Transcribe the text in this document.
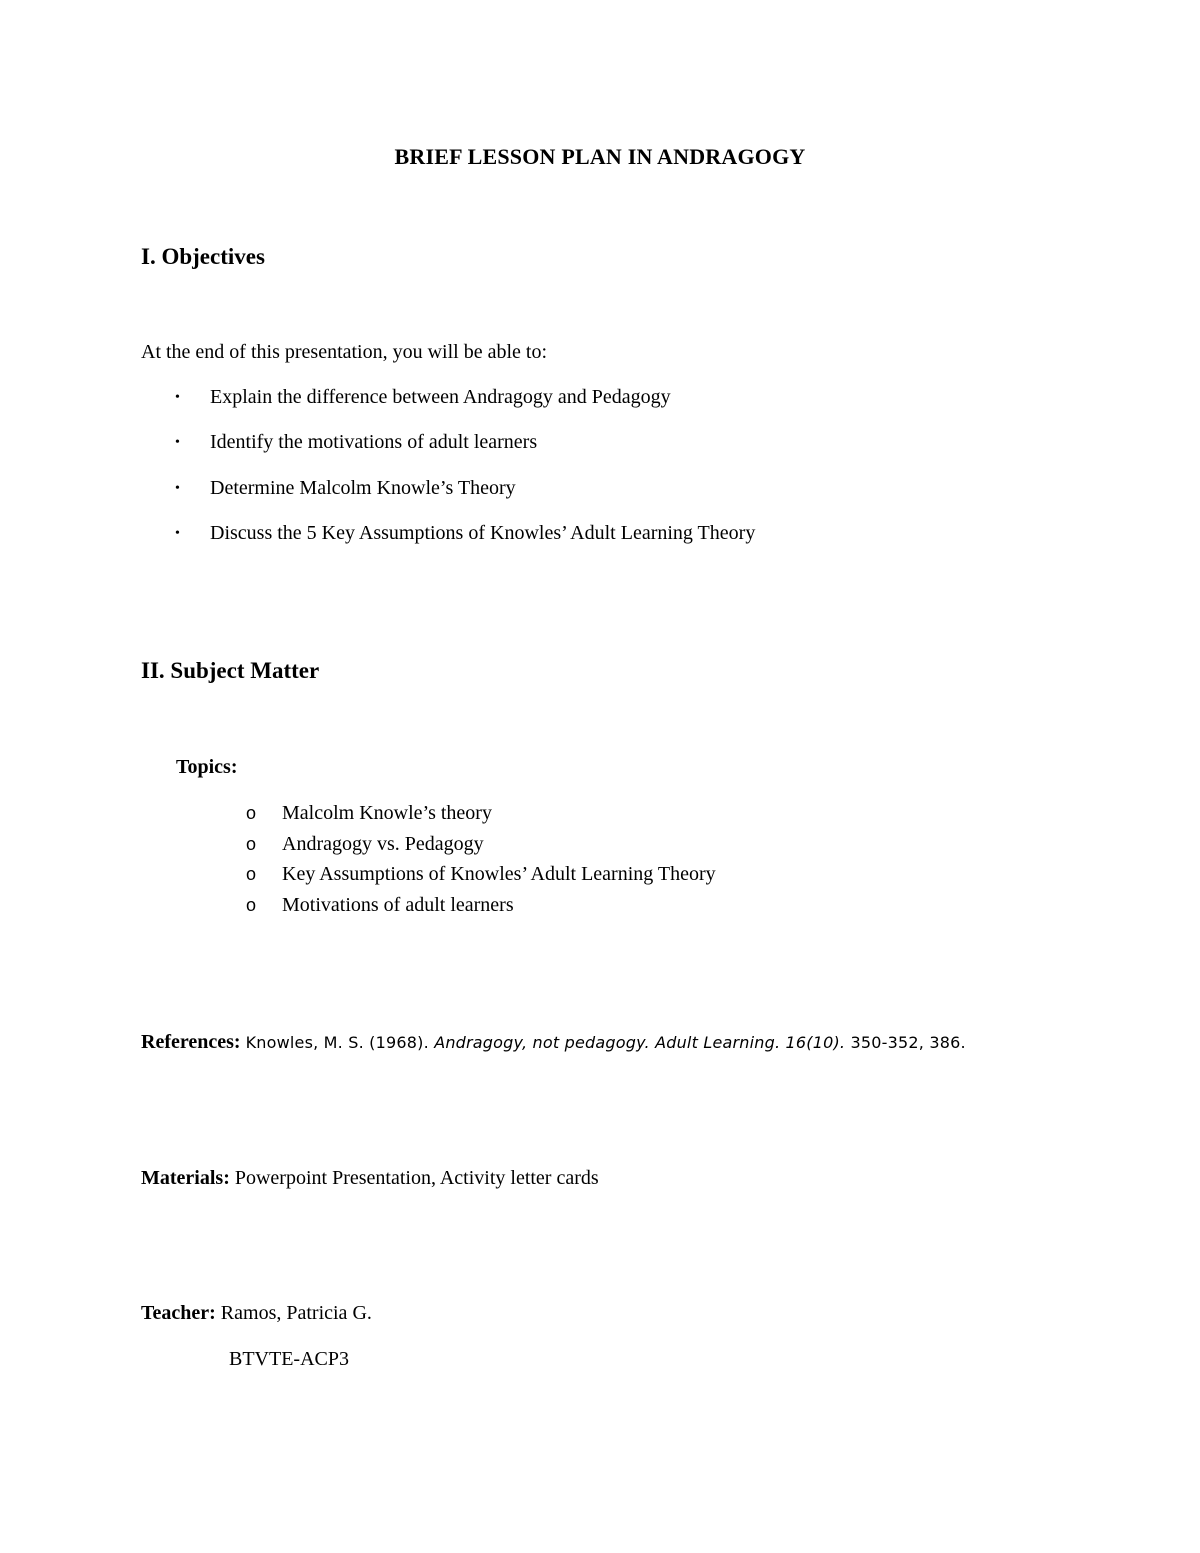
BRIEF LESSON PLAN IN ANDRAGOGY
I. Objectives
At the end of this presentation, you will be able to:
• Explain the difference between Andragogy and Pedagogy
• Identify the motivations of adult learners
• Determine Malcolm Knowle’s Theory
• Discuss the 5 Key Assumptions of Knowles’ Adult Learning Theory
II. Subject Matter
Topics:
o Malcolm Knowle’s theory
o Andragogy vs. Pedagogy
o Key Assumptions of Knowles’ Adult Learning Theory
o Motivations of adult learners
References: Knowles, M. S. (1968). Andragogy, not pedagogy. Adult Learning. 16(10). 350-352, 386.
Materials: Powerpoint Presentation, Activity letter cards
Teacher: Ramos, Patricia G.
BTVTE-ACP3
